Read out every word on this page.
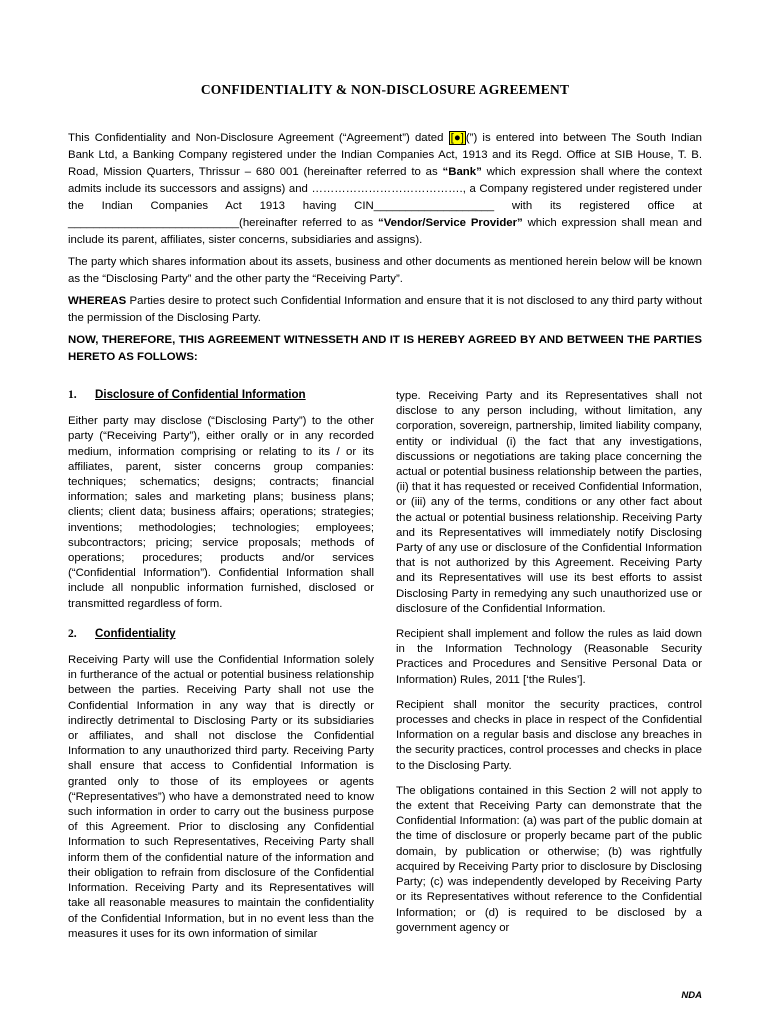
CONFIDENTIALITY & NON-DISCLOSURE AGREEMENT

This Confidentiality and Non-Disclosure Agreement (“Agreement”) dated [●] (”) is entered into between The South Indian Bank Ltd, a Banking Company registered under the Indian Companies Act, 1913 and its Regd. Office at SIB House, T. B. Road, Mission Quarters, Thrissur – 680 001 (hereinafter referred to as “Bank” which expression shall where the context admits include its successors and assigns) and …………………………………., a Company registered under registered under the Indian Companies Act 1913 having CIN___________________ with its registered office at ___________________________(hereinafter referred to as “Vendor/Service Provider” which expression shall mean and include its parent, affiliates, sister concerns, subsidiaries and assigns).

The party which shares information about its assets, business and other documents as mentioned herein below will be known as the “Disclosing Party” and the other party the “Receiving Party”.

WHEREAS Parties desire to protect such Confidential Information and ensure that it is not disclosed to any third party without the permission of the Disclosing Party.

NOW, THEREFORE, THIS AGREEMENT WITNESSETH AND IT IS HEREBY AGREED BY AND BETWEEN THE PARTIES HERETO AS FOLLOWS:

1.	Disclosure of Confidential Information

Either party may disclose (“Disclosing Party”) to the other party (“Receiving Party”), either orally or in any recorded medium, information comprising or relating to its / or its affiliates, parent, sister concerns group companies: techniques; schematics; designs; contracts; financial information; sales and marketing plans; business plans; clients; client data; business affairs; operations; strategies; inventions; methodologies; technologies; employees; subcontractors; pricing; service proposals; methods of operations; procedures; products and/or services (“Confidential Information”). Confidential Information shall include all nonpublic information furnished, disclosed or transmitted regardless of form.

2.	Confidentiality

Receiving Party will use the Confidential Information solely in furtherance of the actual or potential business relationship between the parties. Receiving Party shall not use the Confidential Information in any way that is directly or indirectly detrimental to Disclosing Party or its subsidiaries or affiliates, and shall not disclose the Confidential Information to any unauthorized third party. Receiving Party shall ensure that access to Confidential Information is granted only to those of its employees or agents (“Representatives”) who have a demonstrated need to know such information in order to carry out the business purpose of this Agreement. Prior to disclosing any Confidential Information to such Representatives, Receiving Party shall inform them of the confidential nature of the information and their obligation to refrain from disclosure of the Confidential Information. Receiving Party and its Representatives will take all reasonable measures to maintain the confidentiality of the Confidential Information, but in no event less than the measures it uses for its own information of similar

type. Receiving Party and its Representatives shall not disclose to any person including, without limitation, any corporation, sovereign, partnership, limited liability company, entity or individual (i) the fact that any investigations, discussions or negotiations are taking place concerning the actual or potential business relationship between the parties, (ii) that it has requested or received Confidential Information, or (iii) any of the terms, conditions or any other fact about the actual or potential business relationship. Receiving Party and its Representatives will immediately notify Disclosing Party of any use or disclosure of the Confidential Information that is not authorized by this Agreement. Receiving Party and its Representatives will use its best efforts to assist Disclosing Party in remedying any such unauthorized use or disclosure of the Confidential Information.

Recipient shall implement and follow the rules as laid down in the Information Technology (Reasonable Security Practices and Procedures and Sensitive Personal Data or Information) Rules, 2011 [‘the Rules’].

Recipient shall monitor the security practices, control processes and checks in place in respect of the Confidential Information on a regular basis and disclose any breaches in the security practices, control processes and checks in place to the Disclosing Party.

The obligations contained in this Section 2 will not apply to the extent that Receiving Party can demonstrate that the Confidential Information: (a) was part of the public domain at the time of disclosure or properly became part of the public domain, by publication or otherwise; (b) was rightfully acquired by Receiving Party prior to disclosure by Disclosing Party; (c) was independently developed by Receiving Party or its Representatives without reference to the Confidential Information; or (d) is required to be disclosed by a government agency or

NDA
